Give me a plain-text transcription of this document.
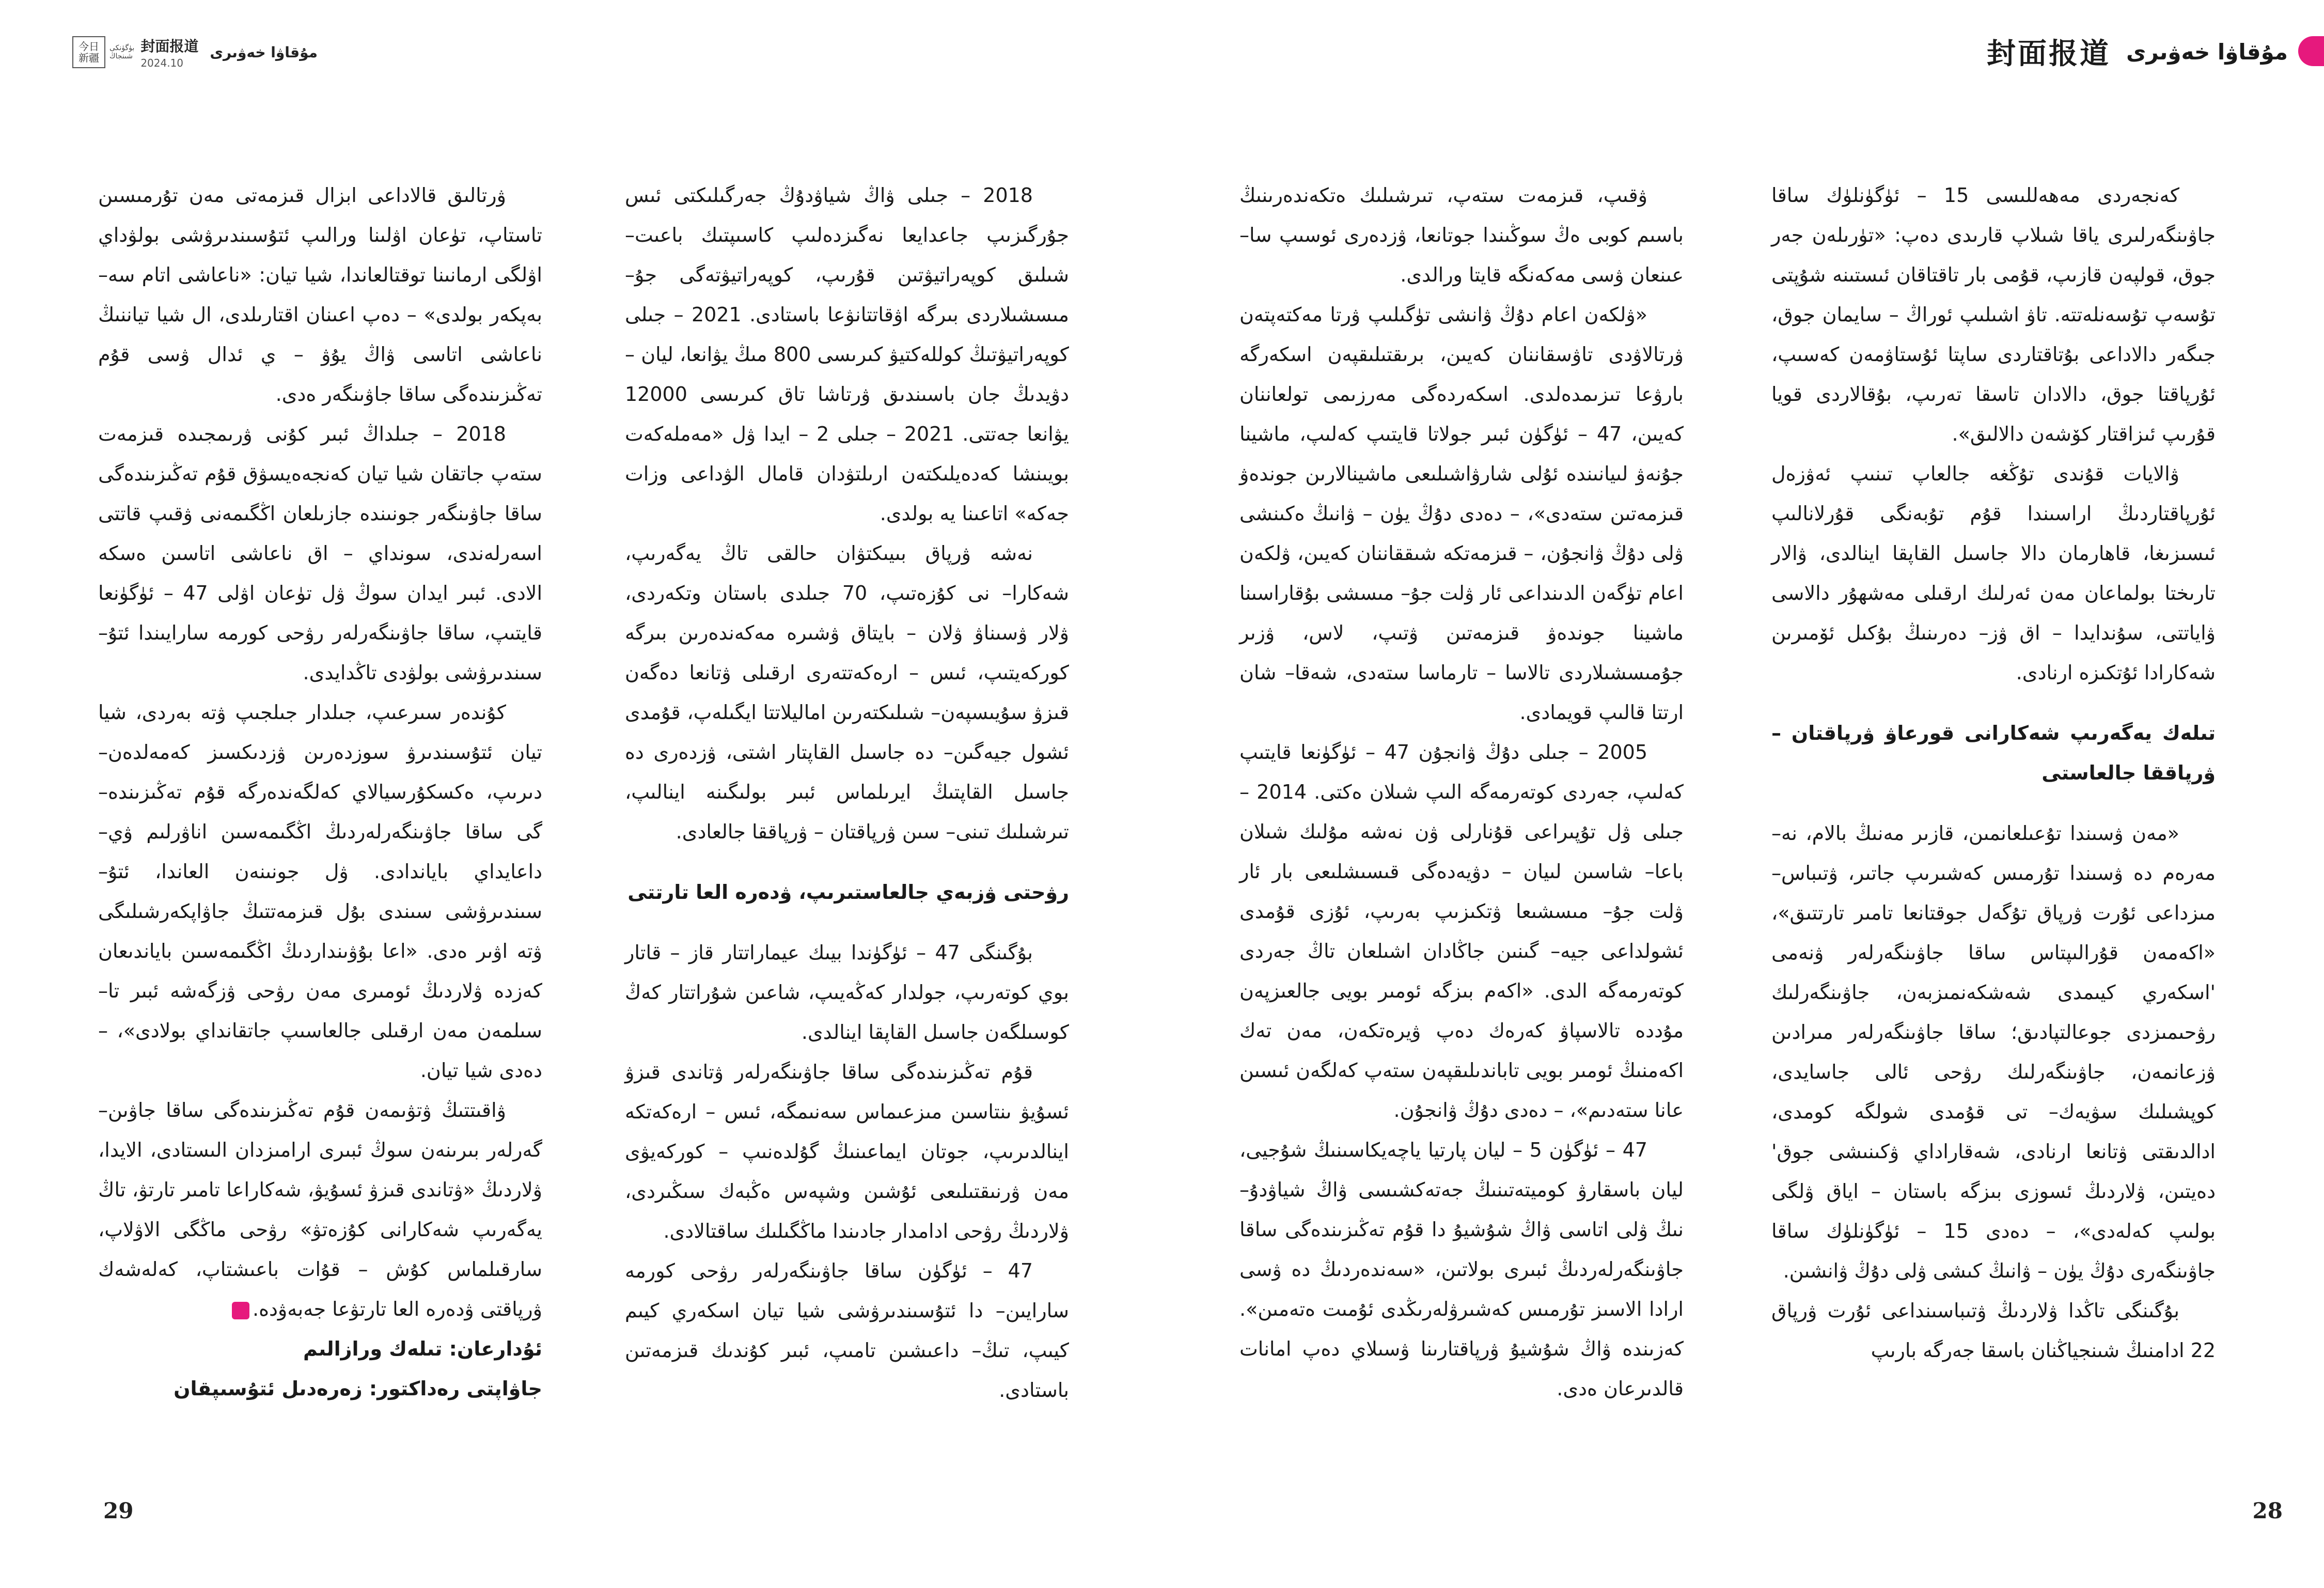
今日
新疆
بۈگۈنكى
شىنجاڭ
封面报道
2024.10
مۇقاۋا خەۋىرى

2018 – جىلى ۋاڭ شياۋدۇڭ جەرگىلىكتى ئىس جۇرگىزىپ جاعدايعا نەگىزدەلىپ كاسىپتىك باعىت– شىلىق كوپەراتيۋتىن قۇرىپ، كوپەراتيۋتەگى جۇ– مىسشىلاردى بىرگە اۋقاتتانۋعا باستادى. 2021 – جىلى كوپەراتيۋتىڭ كوللەكتيۋ كىرىسى 800 مىڭ يۋانعا، ليان – دۋيدىڭ جان باسىندىق ۋرتاشا تاق كىرىسى 12000 يۋانعا جەتتى. 2021 – جىلى 2 – ايدا ۋل «مەملەكەت بويىنشا كەدەيلىكتەن ارىلتۋدان قامال الۋداعى وزات جەكە» اتاعىنا يە بولدى.

نەشە ۋرپاق بىيىكتۋان حالقى تاڭ يەگەرىپ، شەكارا– نى كۇزەتىپ، 70 جىلدى باستان وتكەردى، ۋلار ۋسىناۋ ۋلان – بايتاق ۋشىرە مەكەندەرىن بىرگە كوركەيتىپ، ئىس – ارەكەتتەرى ارقىلى ۋتانعا دەگەن قىزۋ سۇيىسپەن– شىلىكتەرىن اماليلاتتا ايگىلەپ، قۇمدى ئشول جيەگىن– دە جاسىل القاپتار اشتى، ۋزدەرى دە جاسىل القاپتىڭ ايرىلماس ئبىر بولىگىنە اينالىپ، تىرشىلىك تىنى– سىن ۋرپاقتان – ۋرپاققا جالعادى.

رۋحتى ۋزبەي جالعاستىرىپ، ۋدەرە العا تارتتى

بۇگىنگى 47 – ئۈگۈندا بيىك عيماراتتار قاز – قاتار بوي كوتەرىپ، جولدار كەڭەيىپ، شاعىن شۇراتتار كەڭ كوسىلگەن جاسىل القاپقا اينالدى.

قۇم تەڭىزىندەگى ساقا جاۋىنگەرلەر ۋتاندى قىزۋ ئسۇيۋ ىنتاسىن مىزعىماس سەنىمگە، ئىس – ارەكەتكە اينالدىرىپ، جوتان ايماعىنىڭ گۇلدەنىپ – كوركەيۋى مەن ۋرنىقتىلىعى ئۇشىن وشپەس ەڭبەك سىڭىردى، ۋلاردىڭ رۋحى ادامدار جادىندا ماڭگىلىك ساقتالادى.

47 – ئۈگۈن ساقا جاۋىنگەرلەر رۋحى كورمە سارايىن– دا ئتۇسىندىرۋشى شيا تيان اسكەري كيىم كيىپ، تىڭ– داعىشىن تامىپ، ئبىر كۇندىك قىزمەتىن باستادى.

ۋرتالىق قالاداعى ابزال قىزمەتى مەن تۇرمىسىن تاستاپ، تۈعان اۋلىنا ورالىپ ئتۇسىندىرۋشى بولۋداي اۋلگى ارمانىنا توقتالعاندا، شيا تيان: «ناعاشى اتام سە– بەپكەر بولدى» – دەپ اعىنان اقتارىلدى، ال شيا تياننىڭ ناعاشى اتاسى ۋاڭ يۇۋ – ي ئدال ۋسى قۇم تەڭىزىندەگى ساقا جاۋىنگەر ەدى.

2018 – جىلداڭ ئبىر كۇنى ۋرىمجىدە قىزمەت ستەپ جاتقان شيا تيان كەنجەەيسۋق قۇم تەڭىزىندەگى ساقا جاۋىنگەر جونىندە جازىلعان اڭگىمەنى ۋقىپ قاتتى اسەرلەندى، سونداي – اق ناعاشى اتاسىن ەسكە الادى. ئبىر ايدان سوڭ ۋل تۈعان اۋلى 47 – ئۈگۈنعا قايتىپ، ساقا جاۋىنگەرلەر رۋحى كورمە سارايىندا ئتۇ– سىندىرۋشى بولۋدى تاڭدايدى.

كۇندەر سىرعىپ، جىلدار جىلجىپ ۋتە بەردى، شيا تيان ئتۇسىندىرۋ سوزدەرىن ۋزدىكسىز كەمەلدەن– دىرىپ، ەكسكۇرسيالاي كەلگەندەرگە قۇم تەڭىزىندە– گى ساقا جاۋىنگەرلەردىڭ اڭگىمەسىن اناۋرلىم ۋي– داعايداي باياندادى. ۋل جونىنەن العاندا، ئتۇ– سىندىرۋشى سىندى بۇل قىزمەتتىڭ جاۋاپكەرشىلىگى ۋتە اۋىر ەدى. «اعا بۇۋىنداردىڭ اڭگىمەسىن باياندىعان كەزدە ۋلاردىڭ ئومىرى مەن رۋحى ۋزگەشە ئبىر تا– سىلمەن مەن ارقىلى جالعاسىپ جاتقانداي بولادى»، – دەدى شيا تيان.

ۋاقىتتىڭ ۋتۋىمەن قۇم تەڭىزىندەگى ساقا جاۋىن– گەرلەر بىرىنەن سوڭ ئبىرى ارامىزدان الىستادى، الايدا، ۋلاردىڭ «ۋتاندى قىزۋ ئسۇيۋ، شەكاراعا تامىر تارتۋ، تاڭ يەگەرىپ شەكارانى كۇزەتۋ» رۋحى ماڭگى الاۋلاپ، سارقىلماس كۇش – قۇات باعىشتاپ، كەلەشەك ۋرپاقتى ۋدەرە العا تارتۋعا جەبەۋدە.

ئۇدارعان: تىلەك ورازالىم

جاۋاپتى رەداكتور: زەرەدىل ئتۇسىپقان

29
封面报道 مۇقاۋا خەۋىرى

كەنجەردى مەھەللىسى 15 – ئۈگۈنلۈك ساقا جاۋىنگەرلىرى ياقا شىلاپ قارىدى دەپ: «تۈرىلەن جەر جوق، قولپەن قازىپ، قۇمى بار تاقتاقان ئىستىنە شۇپتى تۇسەپ تۇسەنلەتتە. تاۋ اشىلىپ ئوراڭ – سايمان جوق، جىگەر دالاداعى بۇتاقتاردى ساپتا ئۇستاۋمەن كەسىپ، ئۇرپاقتا جوق، دالادان تاسقا تەرىپ، بۇقالاردى قويا قۇرىپ ئىزاقتار كۆشەن دالالىق».

ۋالايات قۇندى تۇڭغە جالعاپ تىنىپ ئەۋزەل ئۇرپاقتاردىڭ اراسىندا قۇم تۇبەنگى قۇرلانالىپ ئىسىزىغا، قاھارمان دالا جاسىل القاپقا اينالدى، ۋالار تارىختا بولماعان مەن ئەرلىك ارقىلى مەشھۇر دالاسى ۋاياتتى، سۇندايدا – اق ۋز– دەرىنىڭ بۇكىل ئۆمىرىن شەكارادا ئۇتكىزە ارنادى.

تىلەك يەگەرىپ شەكارانى قورعاۋ ۋرپاقتان – ۋرپاققا جالعاستى

«مەن ۋسىندا تۇعىلعانمىن، قازىر مەنىڭ بالام، نە– مەرەم دە ۋسىندا تۇرمىس كەشىرىپ جاتىر، ۋتىباس– مىزداعى ئۇرت ۋرپاق تۇگەل جوقتانعا تامىر تارتتىق»، «اكەمەن قۇرالىپتاس ساقا جاۋىنگەرلەر ۋنەمى 'اسكەري كيىمدى شەشكەنمىزبەن، جاۋىنگەرلىك رۋحىمىزدى جوعالتپادىق؛ ساقا جاۋىنگەرلەر مىرادىن ۋزعانمەن، جاۋىنگەرلىك رۋحى ئالى جاسايدى، كوپشىلىك سۋيەك– تى قۇمدى شولگە كومدى، ادالدىقتى ۋتانعا ارنادى، شەقاراداي ۋكىنىشى جوق' دەيتىن، ۋلاردىڭ ئسوزى بىزگە باستان – اياق ۋلگى بولىپ كەلەدى»، – دەدى 15 – ئۈگۈنلۈك ساقا جاۋىنگەرى دۇڭ يۈن – ۋانىڭ كىشى ۋلى دۇڭ ۋانشىن.

بۇگىنگى تاڭدا ۋلاردىڭ ۋتىباسىنداعى ئۇرت ۋرپاق 22 ادامنىڭ شىنجياڭنان باسقا جەرگە بارىپ

ۋقىپ، قىزمەت ستەپ، تىرشىلىك ەتكەندەرىنىڭ باسىم كوبى ەڭ سوڭىندا جوتانعا، ۋزدەرى ئوسىپ سا– عىنعان ۋسى مەكەنگە قايتا ورالدى.

«ۋلكەن اعام دۇڭ ۋانشى تۈگىلىپ ۋرتا مەكتەپتەن ۋرتالاۋدى تاۋسقاننان كەيىن، برىقتىلىقپەن اسكەرگە بارۋعا تىزىمدەلدى. اسكەردەگى مەرزىمى تولعاننان كەيىن، 47 – ئۈگۈن ئبىر جولاتا قايتىپ كەلىپ، ماشينا جۇنەۋ لىيانىنده ئۇلى شارۋاشىلىعى ماشينالارىن جوندەۋ قىزمەتىن ستەدى»، – دەدى دۇڭ يۈن – ۋانىڭ ەكىنشى ۋلى دۇڭ ۋانجۇن، – قىزمەتكە شىققاننان كەيىن، ۋلكەن اعام تۈگەن الدىنداعى ئار ۋلت جۇ– مىسشى بۇقاراسىنا ماشينا جوندەۋ قىزمەتىن ۋتىپ، لاس، ۋزىر جۇمىسشىلاردى تالاسا – تارماسا ستەدى، شەقا– شان ارتتا قالىپ قويمادى.

2005 – جىلى دۇڭ ۋانجۇن 47 – ئۈگۈنعا قايتىپ كەلىپ، جەردى كوتەرمەگە الىپ شىلان ەكتى. 2014 – جىلى ۋل تۇپىراعى قۇنارلى ۋن نەشە مۇلىك شىلان باعا– شاسىن لىيان – دۋيەدەگى قىسىشلىعى بار ئار ۋلت جۇ– مىسشىعا ۋتكىزىپ بەرىپ، ئۇزى قۇمدى ئشولداعى جيە– گىنىن جاڭادان اشىلعان تاڭ جەردى كوتەرمەگە الدى. «اكەم بىزگە ئومىر بويى جالعىزپەن مۇددە تالاسپاۋ كەرەك دەپ ۋيرەتكەن، مەن تەك اكەمنىڭ ئومىر بويى تاباندىلىقپەن ستەپ كەلگەن ئىسىن عانا ستەدىم»، – دەدى دۇڭ ۋانجۇن.

47 – ئۈگۈن 5 – ليان پارتيا ياچەيكاسىنىڭ شۇجيى، ليان باسقارۋ كوميتەتىنىڭ جەتەكشىسى ۋاڭ شياۋدۇ– نىڭ ۋلى اتاسى ۋاڭ شۇشيۇ دا قۇم تەڭىزىندەگى ساقا جاۋىنگەرلەردىڭ ئبىرى بولاتىن، «سەندەردىڭ دە ۋسى ارادا الاسىز تۇرمىس كەشىرۋلەرىڭدى ئۇمىت ەتەمىن». كەزىندە ۋاڭ شۇشيۇ ۋرپاقتارىنا ۋسىلاي دەپ امانات قالدىرعان ەدى.

28
